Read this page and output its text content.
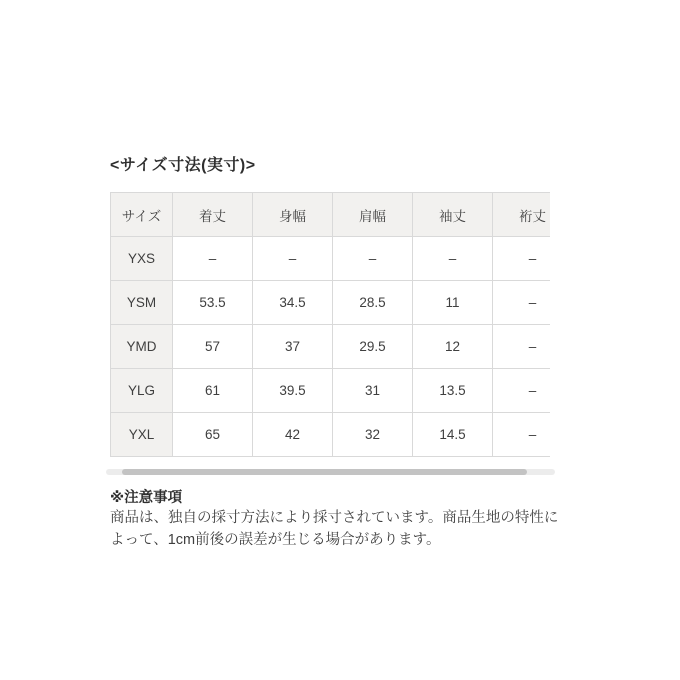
<サイズ寸法(実寸)>
サイズ	着丈	身幅	肩幅	袖丈	裄丈
YXS	–	–	–	–	–
YSM	53.5	34.5	28.5	11	–
YMD	57	37	29.5	12	–
YLG	61	39.5	31	13.5	–
YXL	65	42	32	14.5	–
※注意事項
商品は、独自の採寸方法により採寸されています。商品生地の特性によって、1cm前後の誤差が生じる場合があります。
